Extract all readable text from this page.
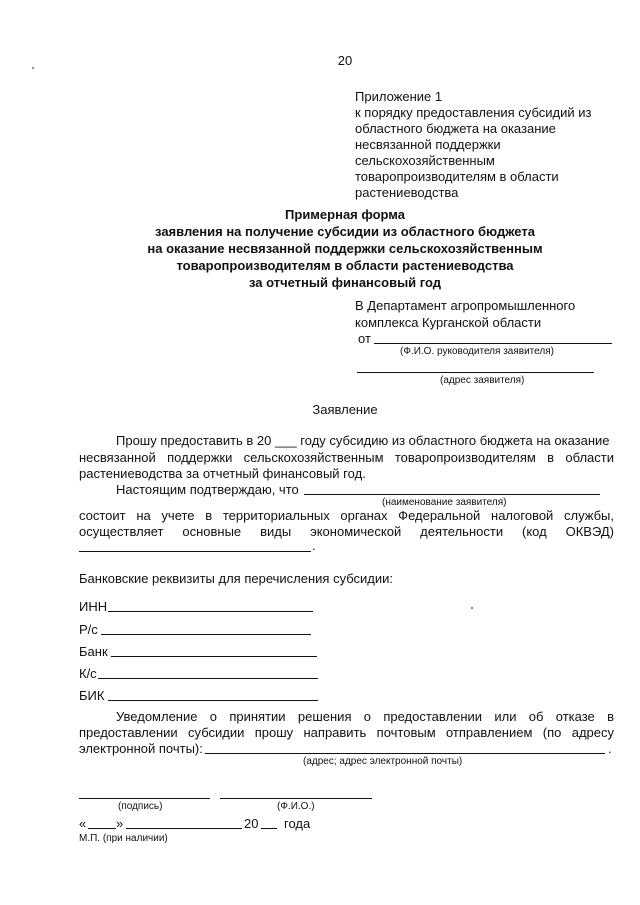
20
Приложение 1
к порядку предоставления субсидий из
областного бюджета на оказание
несвязанной поддержки
сельскохозяйственным
товаропроизводителям в области
растениеводства
Примерная форма
заявления на получение субсидии из областного бюджета
на оказание несвязанной поддержки сельскохозяйственным
товаропроизводителям в области растениеводства
за отчетный финансовый год
В Департамент агропромышленного
комплекса Курганской области
от
(Ф.И.О. руководителя заявителя)
(адрес заявителя)
Заявление
Прошу предоставить в 20 ___ году субсидию из областного бюджета на оказание
несвязанной поддержки сельскохозяйственным товаропроизводителям в области
растениеводства за отчетный финансовый год.
Настоящим подтверждаю, что
(наименование заявителя)
состоит на учете в территориальных органах Федеральной налоговой службы,
осуществляет основные виды экономической деятельности (код ОКВЭД)
.
Банковские реквизиты для перечисления субсидии:
ИНН
Р/с
Банк
К/с
БИК
Уведомление о принятии решения о предоставлении или об отказе в
предоставлении субсидии прошу направить почтовым отправлением (по адресу
электронной почты):	.
(адрес; адрес электронной почты)
(подпись)	(Ф.И.О.)
« »	20 года
М.П. (при наличии)
